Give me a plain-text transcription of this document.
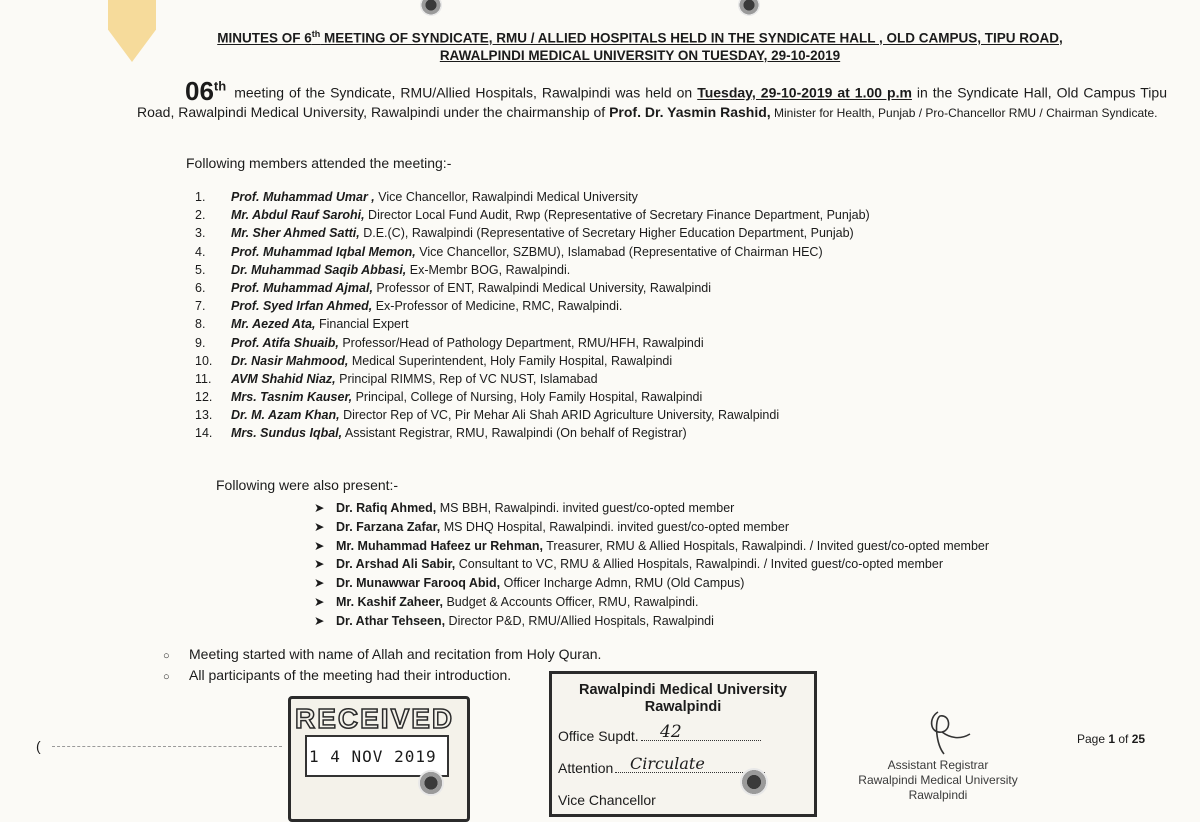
MINUTES OF 6th MEETING OF SYNDICATE, RMU / ALLIED HOSPITALS HELD IN THE SYNDICATE HALL , OLD CAMPUS, TIPU ROAD,
RAWALPINDI MEDICAL UNIVERSITY ON TUESDAY, 29-10-2019
06th meeting of the Syndicate, RMU/Allied Hospitals, Rawalpindi was held on Tuesday, 29-10-2019 at 1.00 p.m in the Syndicate Hall, Old Campus Tipu Road, Rawalpindi Medical University, Rawalpindi under the chairmanship of Prof. Dr. Yasmin Rashid, Minister for Health, Punjab / Pro-Chancellor RMU / Chairman Syndicate.
Following members attended the meeting:-
1. Prof. Muhammad Umar , Vice Chancellor, Rawalpindi Medical University
2. Mr. Abdul Rauf Sarohi, Director Local Fund Audit, Rwp (Representative of Secretary Finance Department, Punjab)
3. Mr. Sher Ahmed Satti, D.E.(C), Rawalpindi (Representative of Secretary Higher Education Department, Punjab)
4. Prof. Muhammad Iqbal Memon, Vice Chancellor, SZBMU), Islamabad (Representative of Chairman HEC)
5. Dr. Muhammad Saqib Abbasi, Ex-Membr BOG, Rawalpindi.
6. Prof. Muhammad Ajmal, Professor of ENT, Rawalpindi Medical University, Rawalpindi
7. Prof. Syed Irfan Ahmed, Ex-Professor of Medicine, RMC, Rawalpindi.
8. Mr. Aezed Ata, Financial Expert
9. Prof. Atifa Shuaib, Professor/Head of Pathology Department, RMU/HFH, Rawalpindi
10. Dr. Nasir Mahmood, Medical Superintendent, Holy Family Hospital, Rawalpindi
11. AVM Shahid Niaz, Principal RIMMS, Rep of VC NUST, Islamabad
12. Mrs. Tasnim Kauser, Principal, College of Nursing, Holy Family Hospital, Rawalpindi
13. Dr. M. Azam Khan, Director Rep of VC, Pir Mehar Ali Shah ARID Agriculture University, Rawalpindi
14. Mrs. Sundus Iqbal, Assistant Registrar, RMU, Rawalpindi (On behalf of Registrar)
Following were also present:-
➤ Dr. Rafiq Ahmed, MS BBH, Rawalpindi. invited guest/co-opted member
➤ Dr. Farzana Zafar, MS DHQ Hospital, Rawalpindi. invited guest/co-opted member
➤ Mr. Muhammad Hafeez ur Rehman, Treasurer, RMU & Allied Hospitals, Rawalpindi. / Invited guest/co-opted member
➤ Dr. Arshad Ali Sabir, Consultant to VC, RMU & Allied Hospitals, Rawalpindi. / Invited guest/co-opted member
➤ Dr. Munawwar Farooq Abid, Officer Incharge Admn, RMU (Old Campus)
➤ Mr. Kashif Zaheer, Budget & Accounts Officer, RMU, Rawalpindi.
➤ Dr. Athar Tehseen, Director P&D, RMU/Allied Hospitals, Rawalpindi
○ Meeting started with name of Allah and recitation from Holy Quran.
○ All participants of the meeting had their introduction.
(
RECEIVED
1 4 NOV 2019
Rawalpindi Medical University
Rawalpindi
Office Supdt.	42
Attention	Circulate
Vice Chancellor
Page 1 of 25
Assistant Registrar
Rawalpindi Medical University
Rawalpindi
